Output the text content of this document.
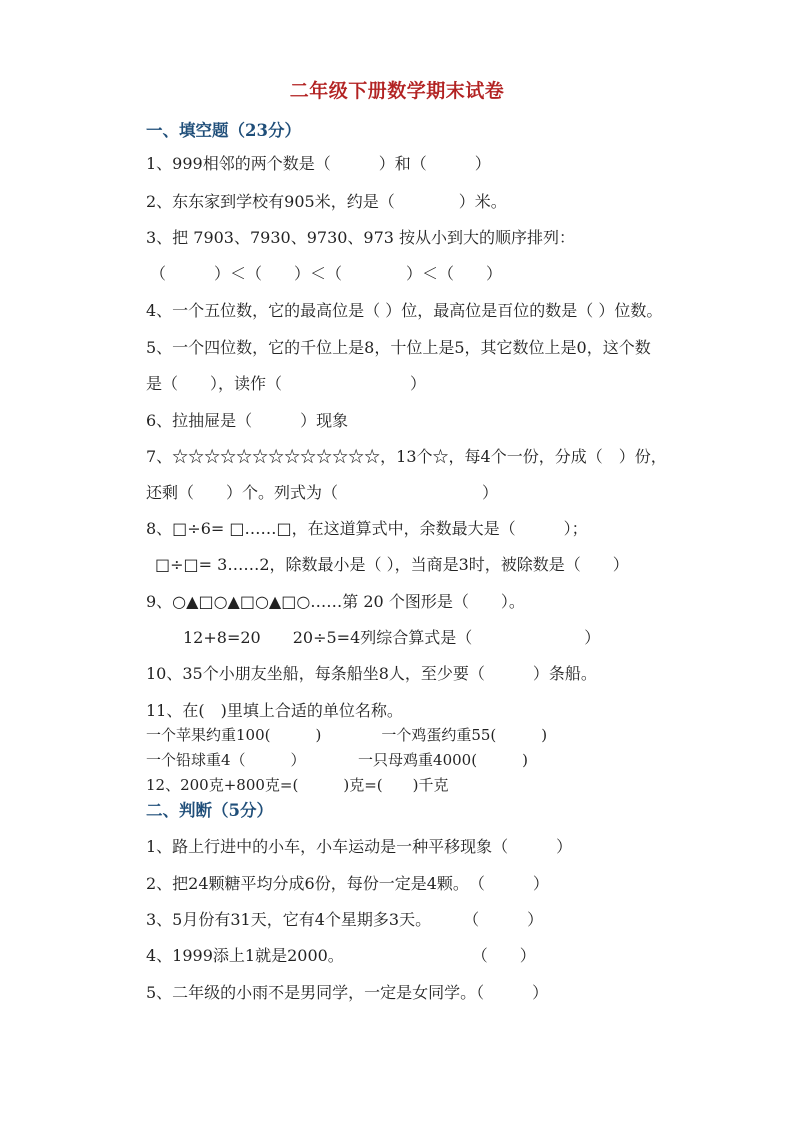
二年级下册数学期末试卷
一、填空题（23分）
1、999相邻的两个数是（　　　）和（　　　）
2、东东家到学校有905米，约是（　　　　）米。
3、把 7903、7930、9730、973 按从小到大的顺序排列：
（　　　）＜（　　）＜（　　　　）＜（　　）
4、一个五位数，它的最高位是（ ）位，最高位是百位的数是（ ）位数。
5、一个四位数，它的千位上是8，十位上是5，其它数位上是0，这个数
是（　　），读作（　　　　　　　　）
6、拉抽屉是（　　　）现象
7、☆☆☆☆☆☆☆☆☆☆☆☆☆，13个☆，每4个一份，分成（　）份，
还剩（　　）个。列式为（　　　　　　　　　）
8、□÷6= □……□，在这道算式中，余数最大是（　　　）；
□÷□= 3……2，除数最小是（ ），当商是3时，被除数是（　　）
9、○▲□○▲□○▲□○……第 20 个图形是（　　）。
12+8=20　　20÷5=4列综合算式是（　　　　　　　）
10、35个小朋友坐船，每条船坐8人，至少要（　　　）条船。
11、在(　)里填上合适的单位名称。
一个苹果约重100(　　　)　　　　一个鸡蛋约重55(　　　)
一个铅球重4（　　　）　　　　一只母鸡重4000(　　　)
12、200克+800克=(　　　)克=(　　)千克
二、判断（5分）
1、路上行进中的小车，小车运动是一种平移现象（　　　）
2、把24颗糖平均分成6份，每份一定是4颗。　（　　　）
3、5月份有31天，它有4个星期多3天。　　　（　　　）
4、1999添上1就是2000。　　　　　　　　　（　　）
5、二年级的小雨不是男同学，一定是女同学。（　　　）
